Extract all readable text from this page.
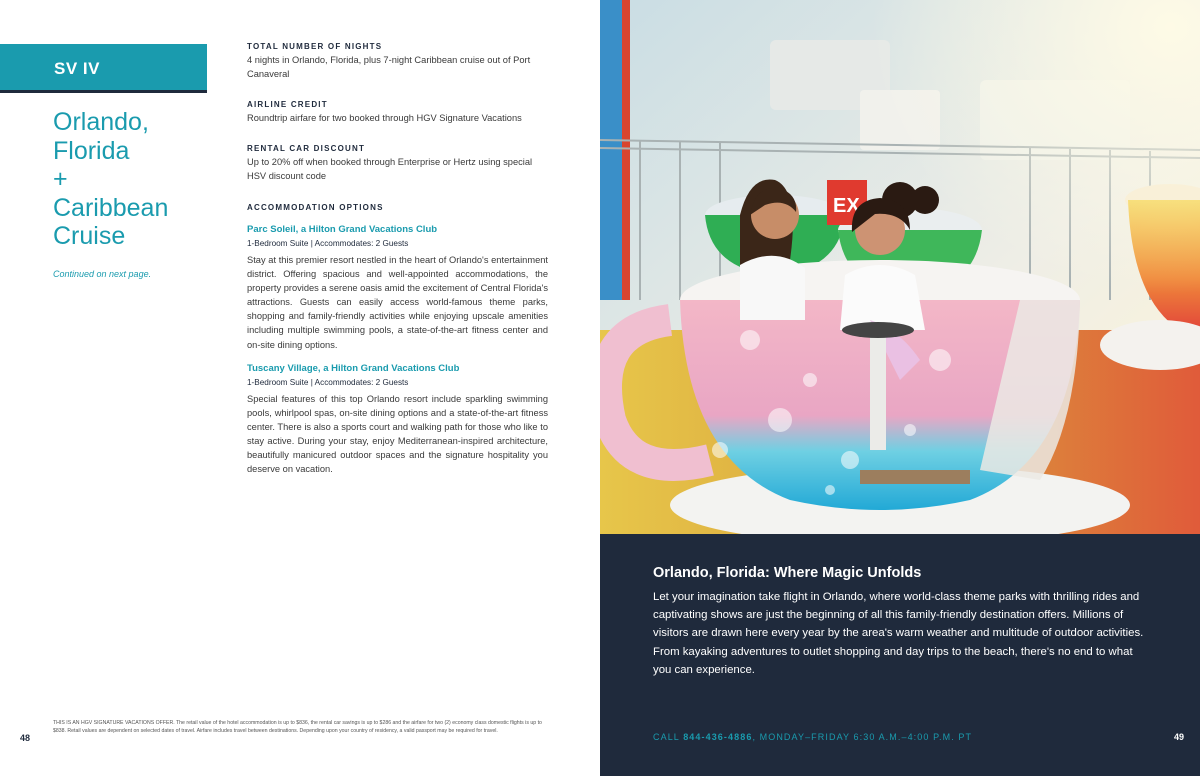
SV IV
Orlando,
Florida
+
Caribbean
Cruise
Continued on next page.
TOTAL NUMBER OF NIGHTS
4 nights in Orlando, Florida, plus 7-night Caribbean cruise out of Port Canaveral
AIRLINE CREDIT
Roundtrip airfare for two booked through HGV Signature Vacations
RENTAL CAR DISCOUNT
Up to 20% off when booked through Enterprise or Hertz using special HSV discount code
ACCOMMODATION OPTIONS
Parc Soleil, a Hilton Grand Vacations Club
1-Bedroom Suite | Accommodates: 2 Guests
Stay at this premier resort nestled in the heart of Orlando's entertainment district. Offering spacious and well-appointed accommodations, the property provides a serene oasis amid the excitement of Central Florida's attractions. Guests can easily access world-famous theme parks, shopping and family-friendly activities while enjoying upscale amenities including multiple swimming pools, a state-of-the-art fitness center and on-site dining options.
Tuscany Village, a Hilton Grand Vacations Club
1-Bedroom Suite | Accommodates: 2 Guests
Special features of this top Orlando resort include sparkling swimming pools, whirlpool spas, on-site dining options and a state-of-the-art fitness center. There is also a sports court and walking path for those who like to stay active. During your stay, enjoy Mediterranean-inspired architecture, beautifully manicured outdoor spaces and the signature hospitality you deserve on vacation.
48
THIS IS AN HGV SIGNATURE VACATIONS OFFER. The retail value of the hotel accommodation is up to $836, the rental car savings is up to $286 and the airfare for two (2) economy class domestic flights is up to $838. Retail values are dependent on selected dates of travel. Airfare includes travel between destinations. Depending upon your country of residency, a valid passport may be required for travel.
Orlando, Florida: Where Magic Unfolds
Let your imagination take flight in Orlando, where world-class theme parks with thrilling rides and captivating shows are just the beginning of all this family-friendly destination offers. Millions of visitors are drawn here every year by the area's warm weather and multitude of outdoor activities. From kayaking adventures to outlet shopping and day trips to the beach, there's no end to what you can experience.
CALL 844-436-4886, MONDAY–FRIDAY 6:30 A.M.–4:00 P.M. PT	49
